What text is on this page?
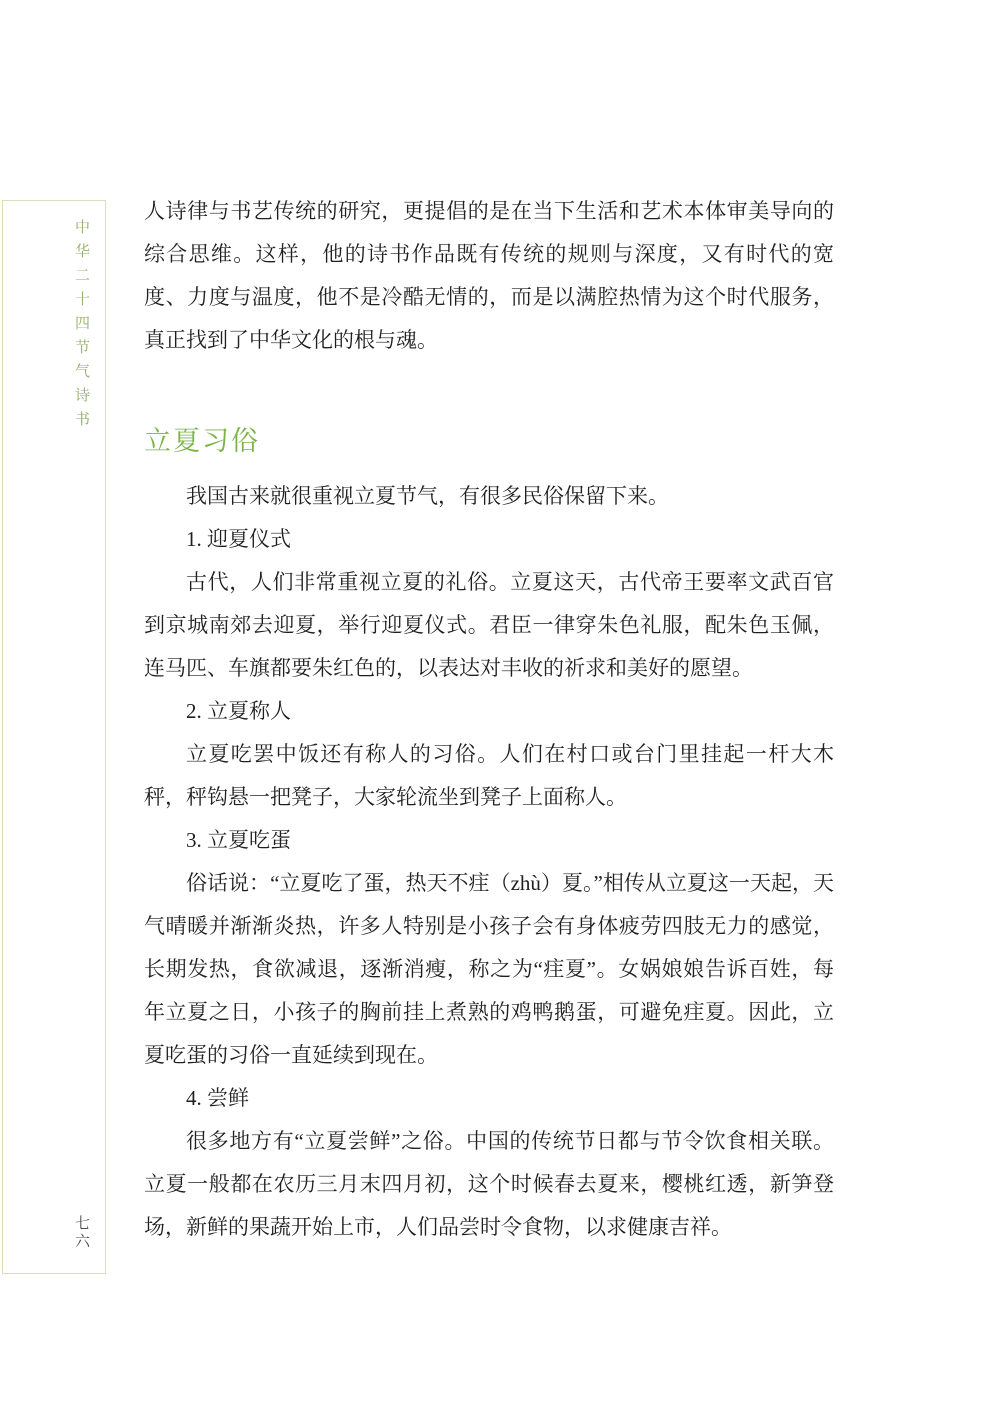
中华二十四节气诗书
七六

人诗律与书艺传统的研究，更提倡的是在当下生活和艺术本体审美导向的综合思维。这样，他的诗书作品既有传统的规则与深度，又有时代的宽度、力度与温度，他不是冷酷无情的，而是以满腔热情为这个时代服务，真正找到了中华文化的根与魂。

立夏习俗

我国古来就很重视立夏节气，有很多民俗保留下来。

1. 迎夏仪式

古代，人们非常重视立夏的礼俗。立夏这天，古代帝王要率文武百官到京城南郊去迎夏，举行迎夏仪式。君臣一律穿朱色礼服，配朱色玉佩，连马匹、车旗都要朱红色的，以表达对丰收的祈求和美好的愿望。

2. 立夏称人

立夏吃罢中饭还有称人的习俗。人们在村口或台门里挂起一杆大木秤，秤钩悬一把凳子，大家轮流坐到凳子上面称人。

3. 立夏吃蛋

俗话说：“立夏吃了蛋，热天不疰（zhù）夏。”相传从立夏这一天起，天气晴暖并渐渐炎热，许多人特别是小孩子会有身体疲劳四肢无力的感觉，长期发热，食欲减退，逐渐消瘦，称之为“疰夏”。女娲娘娘告诉百姓，每年立夏之日，小孩子的胸前挂上煮熟的鸡鸭鹅蛋，可避免疰夏。因此，立夏吃蛋的习俗一直延续到现在。

4. 尝鲜

很多地方有“立夏尝鲜”之俗。中国的传统节日都与节令饮食相关联。立夏一般都在农历三月末四月初，这个时候春去夏来，樱桃红透，新笋登场，新鲜的果蔬开始上市，人们品尝时令食物，以求健康吉祥。
